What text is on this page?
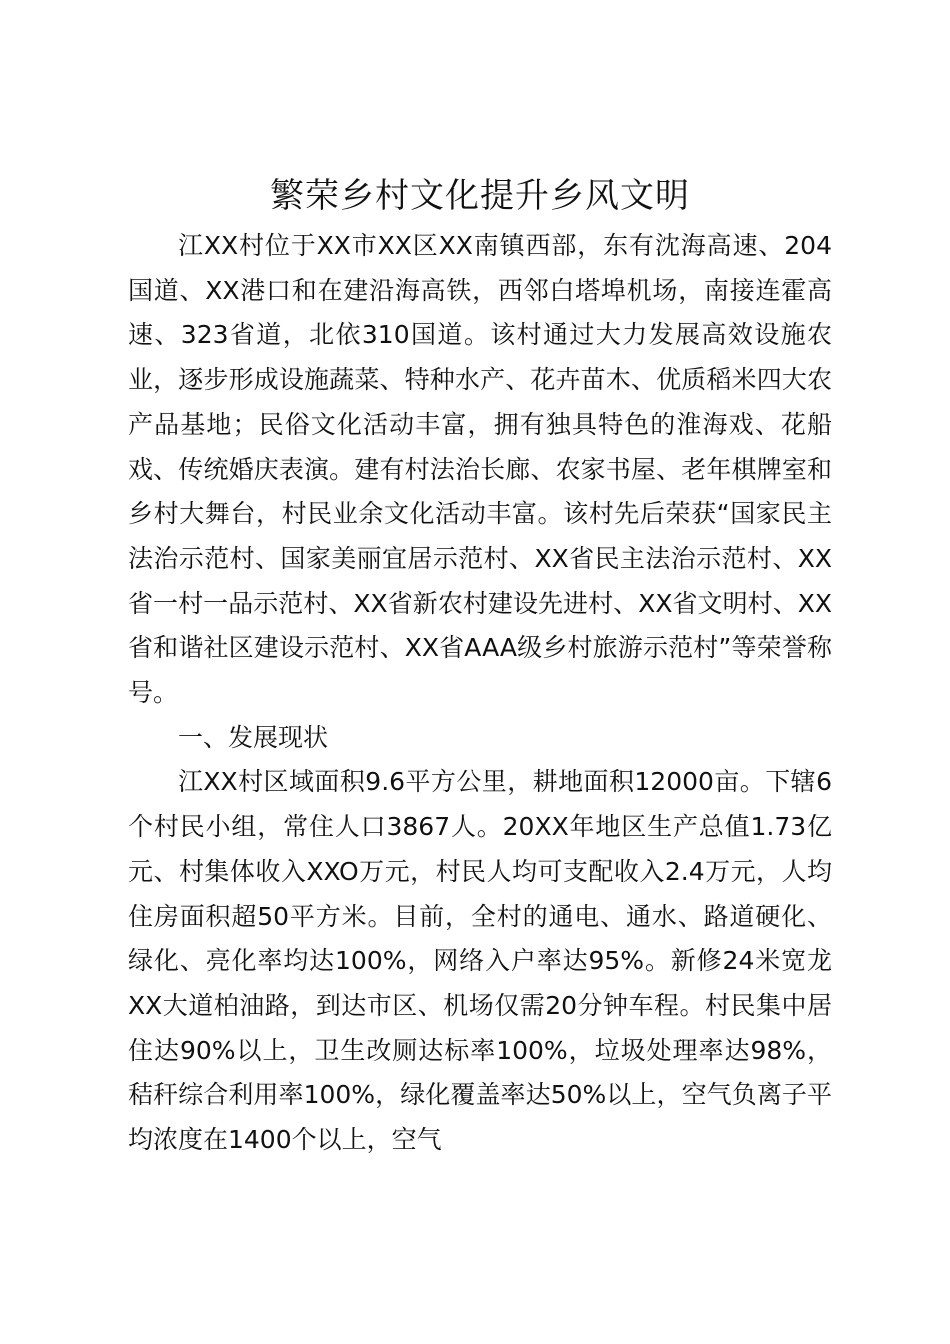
繁荣乡村文化提升乡风文明

江XX村位于XX市XX区XX南镇西部，东有沈海高速、204国道、XX港口和在建沿海高铁，西邻白塔埠机场，南接连霍高速、323省道，北依310国道。该村通过大力发展高效设施农业，逐步形成设施蔬菜、特种水产、花卉苗木、优质稻米四大农产品基地；民俗文化活动丰富，拥有独具特色的淮海戏、花船戏、传统婚庆表演。建有村法治长廊、农家书屋、老年棋牌室和乡村大舞台，村民业余文化活动丰富。该村先后荣获“国家民主法治示范村、国家美丽宜居示范村、XX省民主法治示范村、XX省一村一品示范村、XX省新农村建设先进村、XX省文明村、XX省和谐社区建设示范村、XX省AAA级乡村旅游示范村”等荣誉称号。

一、发展现状

江XX村区域面积9.6平方公里，耕地面积12000亩。下辖6个村民小组，常住人口3867人。20XX年地区生产总值1.73亿元、村集体收入XXO万元，村民人均可支配收入2.4万元，人均住房面积超50平方米。目前，全村的通电、通水、路道硬化、绿化、亮化率均达100%，网络入户率达95%。新修24米宽龙XX大道柏油路，到达市区、机场仅需20分钟车程。村民集中居住达90%以上，卫生改厕达标率100%，垃圾处理率达98%，秸秆综合利用率100%，绿化覆盖率达50%以上，空气负离子平均浓度在1400个以上，空气
